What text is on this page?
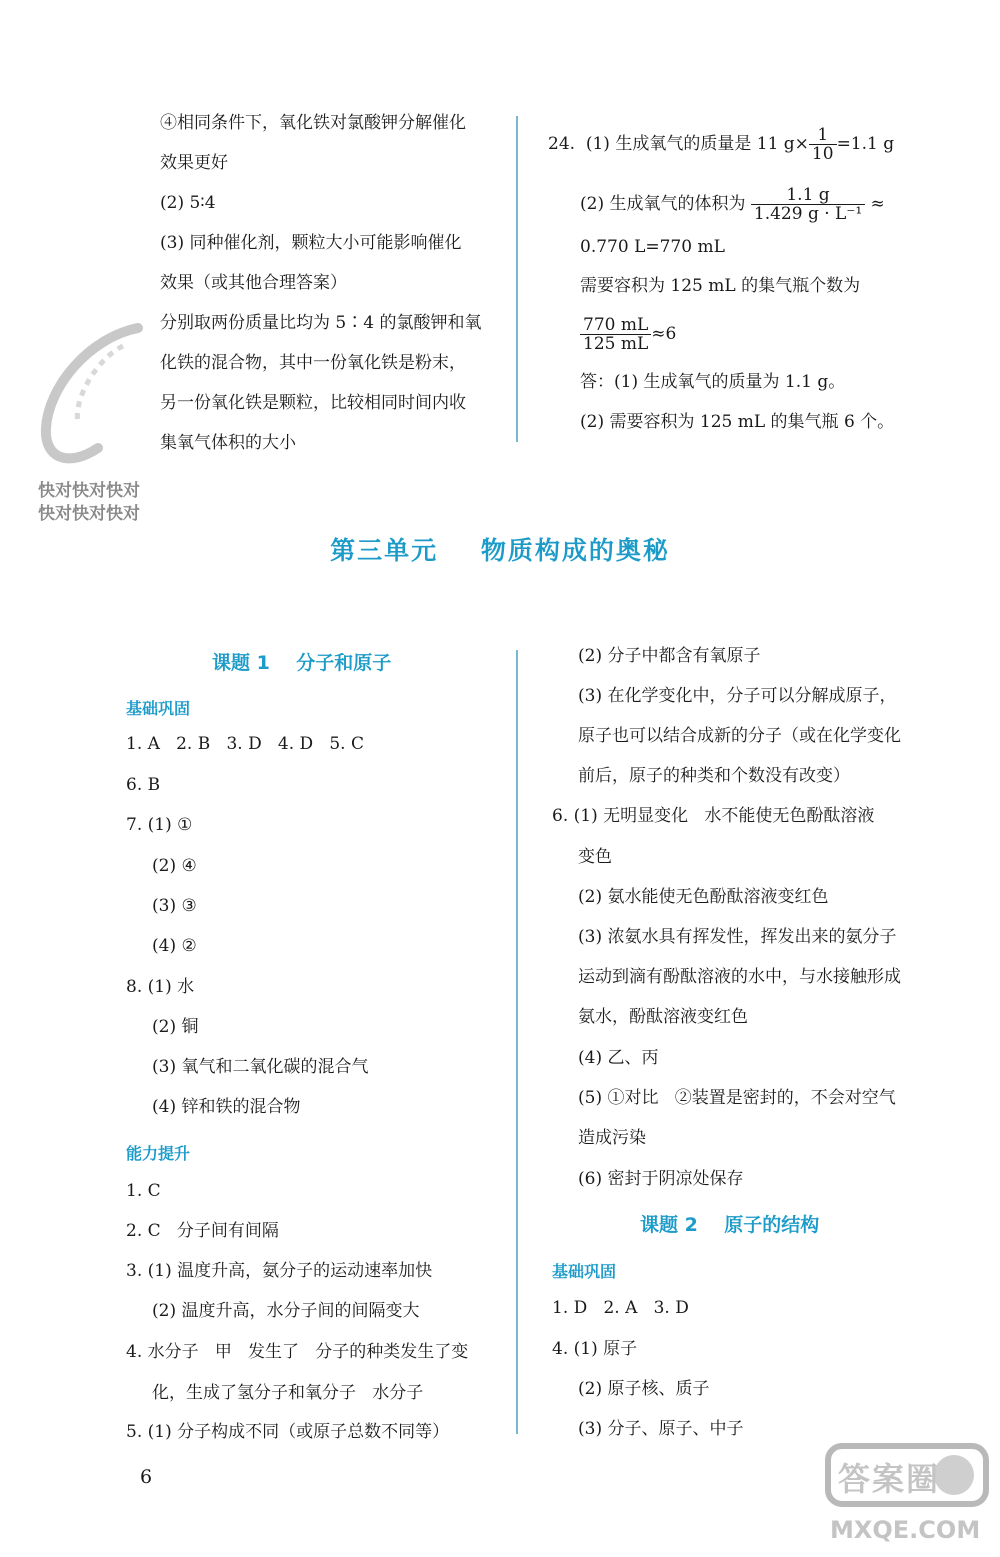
④相同条件下，氧化铁对氯酸钾分解催化
效果更好
(2) 5∶4
(3) 同种催化剂，颗粒大小可能影响催化
效果（或其他合理答案）
分别取两份质量比均为 5∶4 的氯酸钾和氧
化铁的混合物，其中一份氧化铁是粉末，
另一份氧化铁是颗粒，比较相同时间内收
集氧气体积的大小
24. (1) 生成氧气的质量是 11 $g\times \frac{1}{10} =1.1$ g
(2) 生成氧气的体积为 $\frac{1.1 g}{\text{1.429 g · L⁻¹}}$ ≈
0.770 L=770 mL
需要容积为 125 mL 的集气瓶个数为
$\frac{770 mL}{125 mL} \approx 6$
答：(1) 生成氧气的质量为 1.1 g。
(2) 需要容积为 125 mL 的集气瓶 6 个。
快对快对快对
快对快对快对
第三单元    物质构成的奥秘
课题 1    分子和原子
基础巩固
1. A   2. B   3. D   4. D   5. C
6. B
7. (1) ①
(2) ④
(3) ③
(4) ②
8. (1) 水
(2) 铜
(3) 氧气和二氧化碳的混合气
(4) 锌和铁的混合物
能力提升
1. C
2. C   分子间有间隔
3. (1) 温度升高，氨分子的运动速率加快
(2) 温度升高，水分子间的间隔变大
4. 水分子   甲   发生了   分子的种类发生了变
化，生成了氢分子和氧分子   水分子
5. (1) 分子构成不同（或原子总数不同等）
(2) 分子中都含有氧原子
(3) 在化学变化中，分子可以分解成原子，
原子也可以结合成新的分子（或在化学变化
前后，原子的种类和个数没有改变）
6. (1) 无明显变化   水不能使无色酚酞溶液
变色
(2) 氨水能使无色酚酞溶液变红色
(3) 浓氨水具有挥发性，挥发出来的氨分子
运动到滴有酚酞溶液的水中，与水接触形成
氨水，酚酞溶液变红色
(4) 乙、丙
(5) ①对比   ②装置是密封的，不会对空气
造成污染
(6) 密封于阴凉处保存
课题 2    原子的结构
基础巩固
1. D   2. A   3. D
4. (1) 原子
(2) 原子核、质子
(3) 分子、原子、中子
6	答案圈
MXQE.COM
